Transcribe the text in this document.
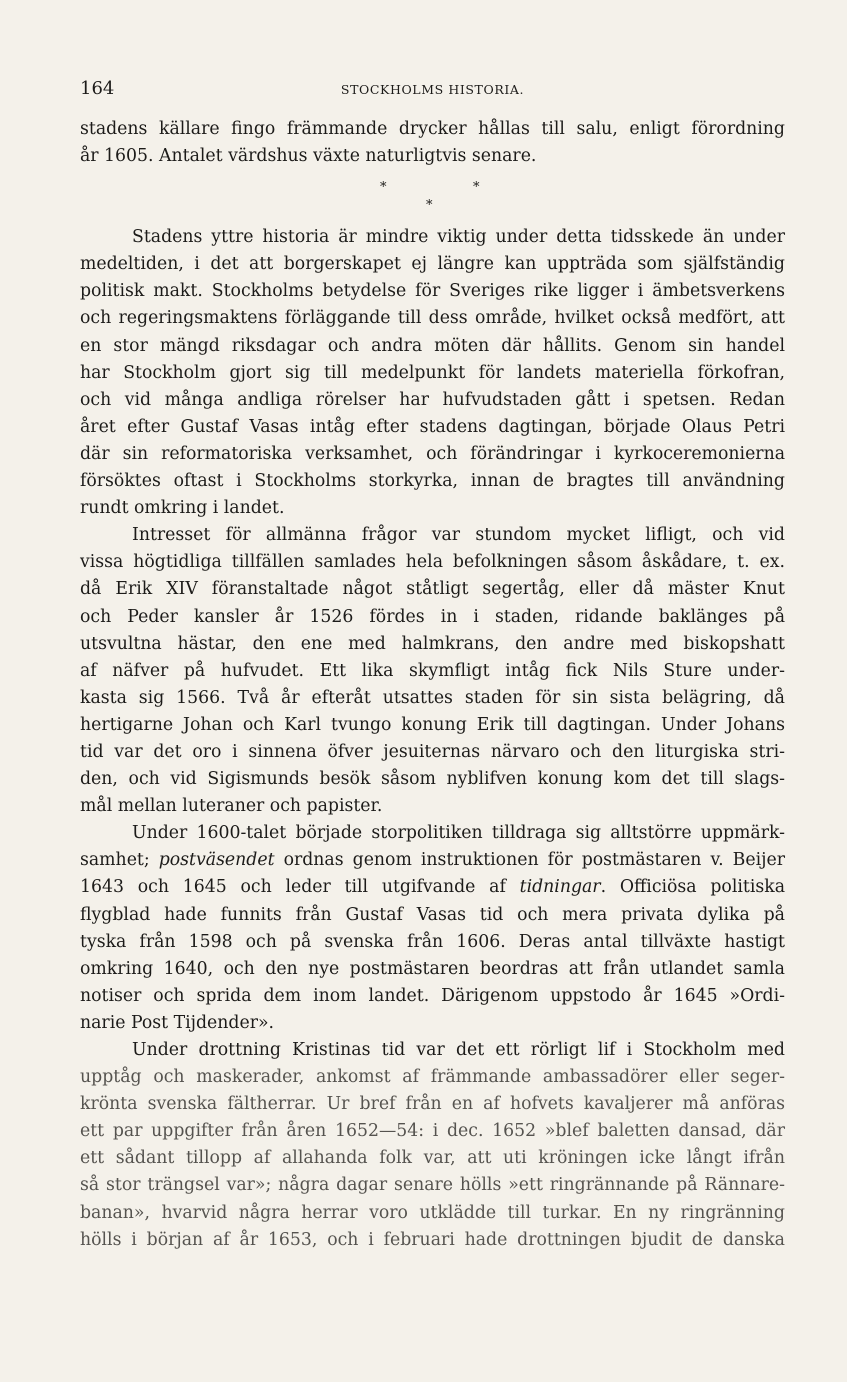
164	STOCKHOLMS HISTORIA.
stadens källare fingo främmande drycker hållas till salu, enligt förordning
år 1605. Antalet värdshus växte naturligtvis senare.
*	*
*
Stadens yttre historia är mindre viktig under detta tidsskede än under
medeltiden, i det att borgerskapet ej längre kan uppträda som själfständig
politisk makt. Stockholms betydelse för Sveriges rike ligger i ämbetsverkens
och regeringsmaktens förläggande till dess område, hvilket också medfört, att
en stor mängd riksdagar och andra möten där hållits. Genom sin handel
har Stockholm gjort sig till medelpunkt för landets materiella förkofran,
och vid många andliga rörelser har hufvudstaden gått i spetsen. Redan
året efter Gustaf Vasas intåg efter stadens dagtingan, började Olaus Petri
där sin reformatoriska verksamhet, och förändringar i kyrkoceremonierna
försöktes oftast i Stockholms storkyrka, innan de bragtes till användning
rundt omkring i landet.
Intresset för allmänna frågor var stundom mycket lifligt, och vid
vissa högtidliga tillfällen samlades hela befolkningen såsom åskådare, t. ex.
då Erik XIV föranstaltade något ståtligt segertåg, eller då mäster Knut
och Peder kansler år 1526 fördes in i staden, ridande baklänges på
utsvultna hästar, den ene med halmkrans, den andre med biskopshatt
af näfver på hufvudet. Ett lika skymfligt intåg fick Nils Sture under-
kasta sig 1566. Två år efteråt utsattes staden för sin sista belägring, då
hertigarne Johan och Karl tvungo konung Erik till dagtingan. Under Johans
tid var det oro i sinnena öfver jesuiternas närvaro och den liturgiska stri-
den, och vid Sigismunds besök såsom nyblifven konung kom det till slags-
mål mellan luteraner och papister.
Under 1600-talet började storpolitiken tilldraga sig alltstörre uppmärk-
samhet; postväsendet ordnas genom instruktionen för postmästaren v. Beijer
1643 och 1645 och leder till utgifvande af tidningar. Officiösa politiska
flygblad hade funnits från Gustaf Vasas tid och mera privata dylika på
tyska från 1598 och på svenska från 1606. Deras antal tillväxte hastigt
omkring 1640, och den nye postmästaren beordras att från utlandet samla
notiser och sprida dem inom landet. Därigenom uppstodo år 1645 »Ordi-
narie Post Tijdender».
Under drottning Kristinas tid var det ett rörligt lif i Stockholm med
upptåg och maskerader, ankomst af främmande ambassadörer eller seger-
krönta svenska fältherrar. Ur bref från en af hofvets kavaljerer må anföras
ett par uppgifter från åren 1652—54: i dec. 1652 »blef baletten dansad, där
ett sådant tillopp af allahanda folk var, att uti kröningen icke långt ifrån
så stor trängsel var»; några dagar senare hölls »ett ringrännande på Rännare-
banan», hvarvid några herrar voro utklädde till turkar. En ny ringränning
hölls i början af år 1653, och i februari hade drottningen bjudit de danska
